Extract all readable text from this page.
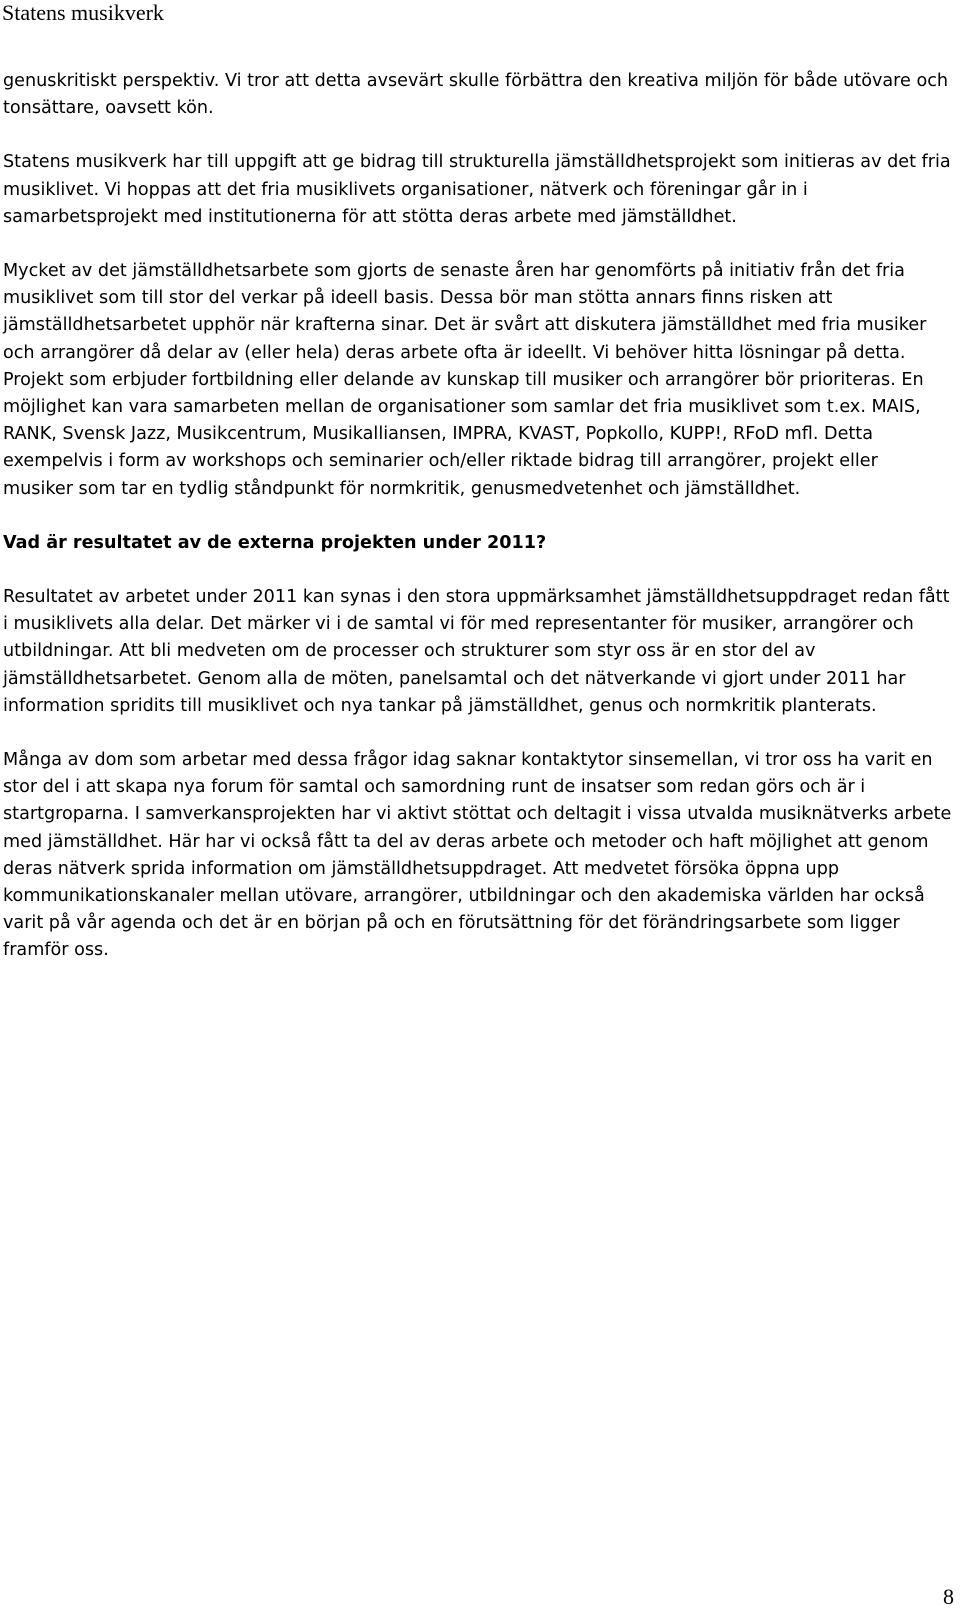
Statens musikverk

genuskritiskt perspektiv. Vi tror att detta avsevärt skulle förbättra den kreativa miljön för både utövare och tonsättare, oavsett kön.

Statens musikverk har till uppgift att ge bidrag till strukturella jämställdhetsprojekt som initieras av det fria musiklivet. Vi hoppas att det fria musiklivets organisationer, nätverk och föreningar går in i samarbetsprojekt med institutionerna för att stötta deras arbete med jämställdhet.

Mycket av det jämställdhetsarbete som gjorts de senaste åren har genomförts på initiativ från det fria musiklivet som till stor del verkar på ideell basis. Dessa bör man stötta annars finns risken att jämställdhetsarbetet upphör när krafterna sinar. Det är svårt att diskutera jämställdhet med fria musiker och arrangörer då delar av (eller hela) deras arbete ofta är ideellt. Vi behöver hitta lösningar på detta. Projekt som erbjuder fortbildning eller delande av kunskap till musiker och arrangörer bör prioriteras. En möjlighet kan vara samarbeten mellan de organisationer som samlar det fria musiklivet som t.ex. MAIS, RANK, Svensk Jazz, Musikcentrum, Musikalliansen, IMPRA, KVAST, Popkollo, KUPP!, RFoD mfl. Detta exempelvis i form av workshops och seminarier och/eller riktade bidrag till arrangörer, projekt eller musiker som tar en tydlig ståndpunkt för normkritik, genusmedvetenhet och jämställdhet.

Vad är resultatet av de externa projekten under 2011?

Resultatet av arbetet under 2011 kan synas i den stora uppmärksamhet jämställdhetsuppdraget redan fått i musiklivets alla delar. Det märker vi i de samtal vi för med representanter för musiker, arrangörer och utbildningar. Att bli medveten om de processer och strukturer som styr oss är en stor del av jämställdhetsarbetet. Genom alla de möten, panelsamtal och det nätverkande vi gjort under 2011 har information spridits till musiklivet och nya tankar på jämställdhet, genus och normkritik planterats.

Många av dom som arbetar med dessa frågor idag saknar kontaktytor sinsemellan, vi tror oss ha varit en stor del i att skapa nya forum för samtal och samordning runt de insatser som redan görs och är i startgroparna. I samverkansprojekten har vi aktivt stöttat och deltagit i vissa utvalda musiknätverks arbete med jämställdhet. Här har vi också fått ta del av deras arbete och metoder och haft möjlighet att genom deras nätverk sprida information om jämställdhetsuppdraget. Att medvetet försöka öppna upp kommunikationskanaler mellan utövare, arrangörer, utbildningar och den akademiska världen har också varit på vår agenda och det är en början på och en förutsättning för det förändringsarbete som ligger framför oss.

8
